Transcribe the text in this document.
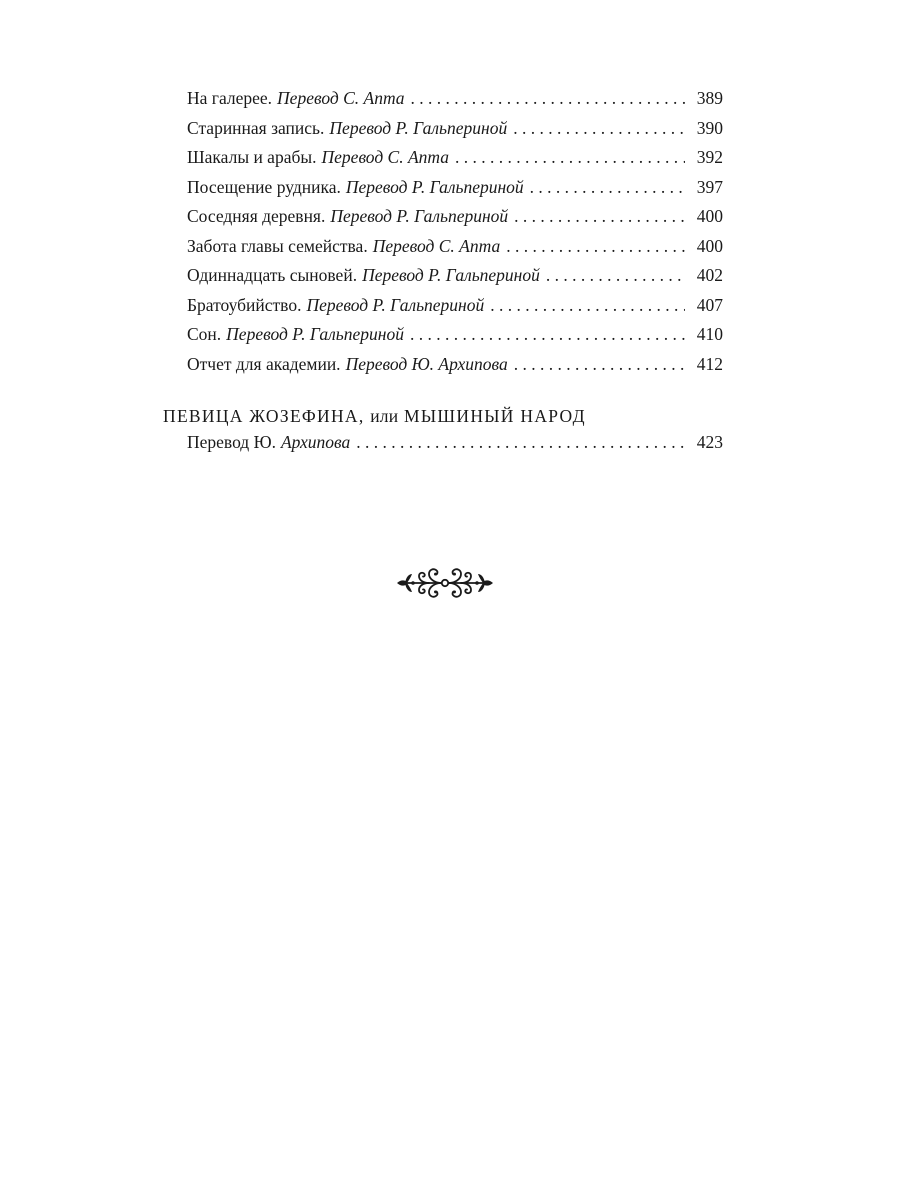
На галерее. Перевод С. Апта . . .	389
Старинная запись. Перевод Р. Гальпериной . . .	390
Шакалы и арабы. Перевод С. Апта . . .	392
Посещение рудника. Перевод Р. Гальпериной . . .	397
Соседняя деревня. Перевод Р. Гальпериной . . .	400
Забота главы семейства. Перевод С. Апта . . .	400
Одиннадцать сыновей. Перевод Р. Гальпериной . . .	402
Братоубийство. Перевод Р. Гальпериной . . .	407
Сон. Перевод Р. Гальпериной . . .	410
Отчет для академии. Перевод Ю. Архипова . . .	412
ПЕВИЦА ЖОЗЕФИНА, или МЫШИНЫЙ НАРОД
Перевод Ю. Архипова . . .	423
